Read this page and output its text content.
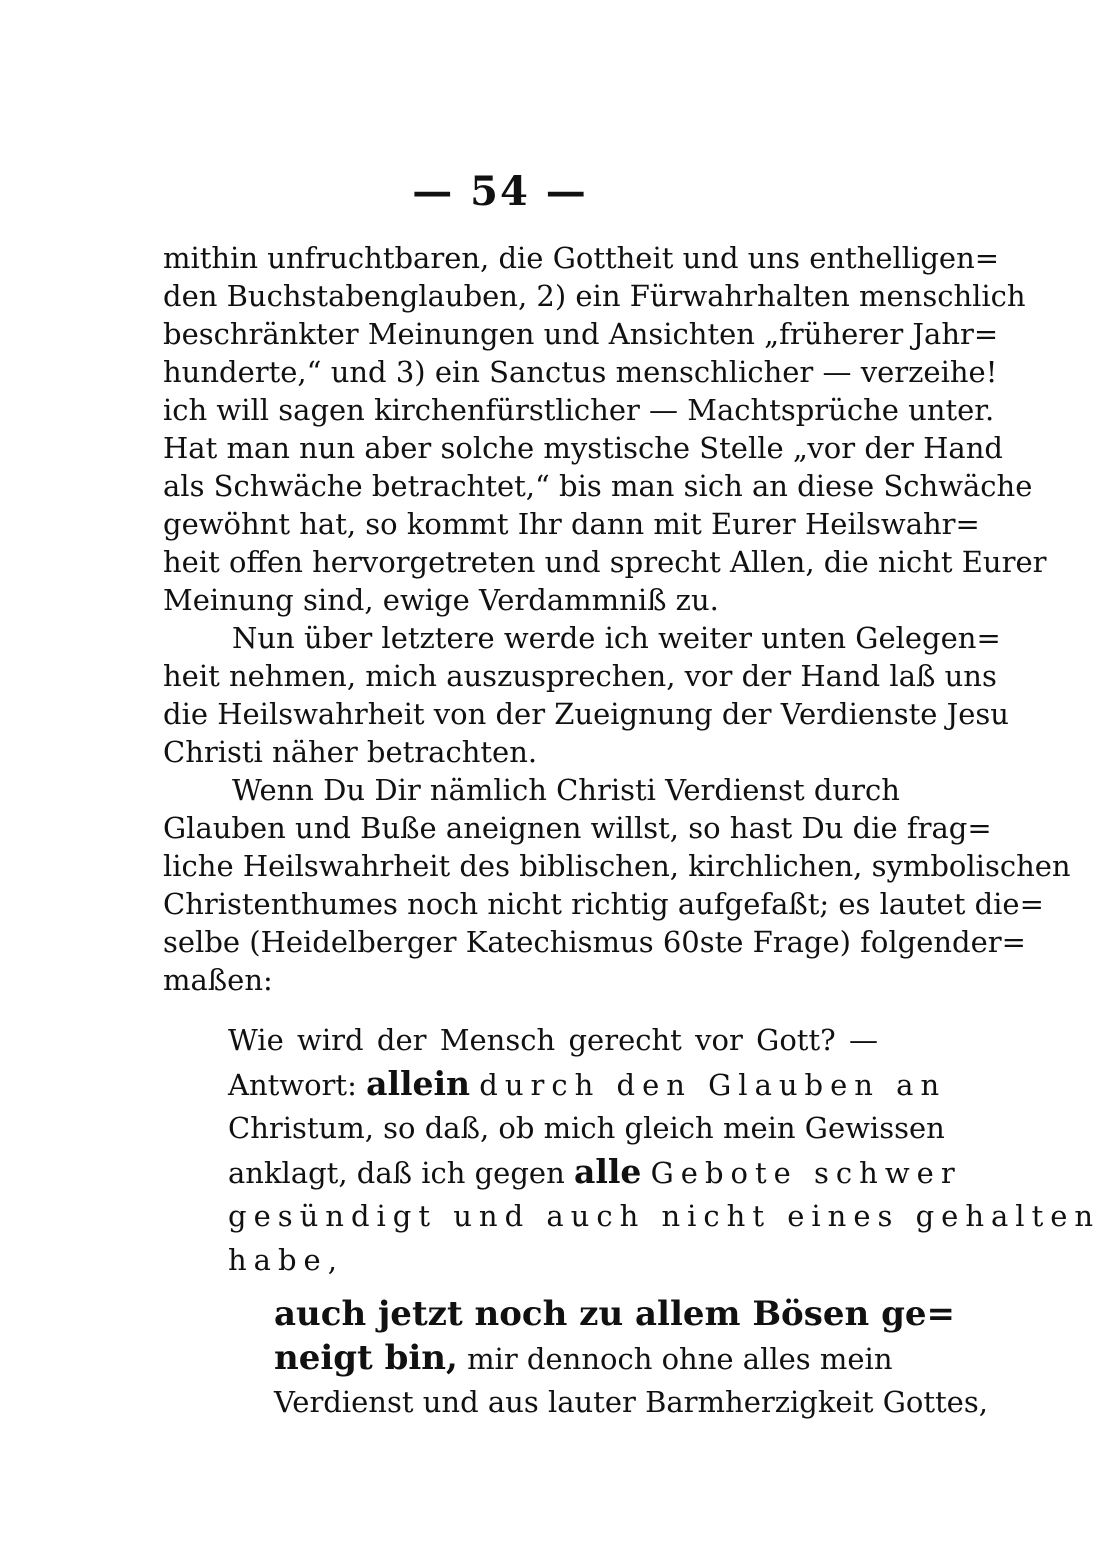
— 54 —
mithin unfruchtbaren, die Gottheit und uns enthelligen=
den Buchstabenglauben, 2) ein Fürwahrhalten menschlich
beschränkter Meinungen und Ansichten „früherer Jahr=
hunderte,“ und 3) ein Sanctus menschlicher — verzeihe!
ich will sagen kirchenfürstlicher — Machtsprüche unter.
Hat man nun aber solche mystische Stelle „vor der Hand
als Schwäche betrachtet,“ bis man sich an diese Schwäche
gewöhnt hat, so kommt Ihr dann mit Eurer Heilswahr=
heit offen hervorgetreten und sprecht Allen, die nicht Eurer
Meinung sind, ewige Verdammniß zu.
Nun über letztere werde ich weiter unten Gelegen=
heit nehmen, mich auszusprechen, vor der Hand laß uns
die Heilswahrheit von der Zueignung der Verdienste Jesu
Christi näher betrachten.
Wenn Du Dir nämlich Christi Verdienst durch
Glauben und Buße aneignen willst, so hast Du die frag=
liche Heilswahrheit des biblischen, kirchlichen, symbolischen
Christenthumes noch nicht richtig aufgefaßt; es lautet die=
selbe (Heidelberger Katechismus 60ste Frage) folgender=
maßen:
Wie wird der Mensch gerecht vor Gott? —
Antwort: allein durch den Glauben an
Christum, so daß, ob mich gleich mein Gewissen
anklagt, daß ich gegen alle Gebote schwer
gesündigt und auch nicht eines gehalten
habe,
auch jetzt noch zu allem Bösen ge=
neigt bin, mir dennoch ohne alles mein
Verdienst und aus lauter Barmherzigkeit Gottes,
